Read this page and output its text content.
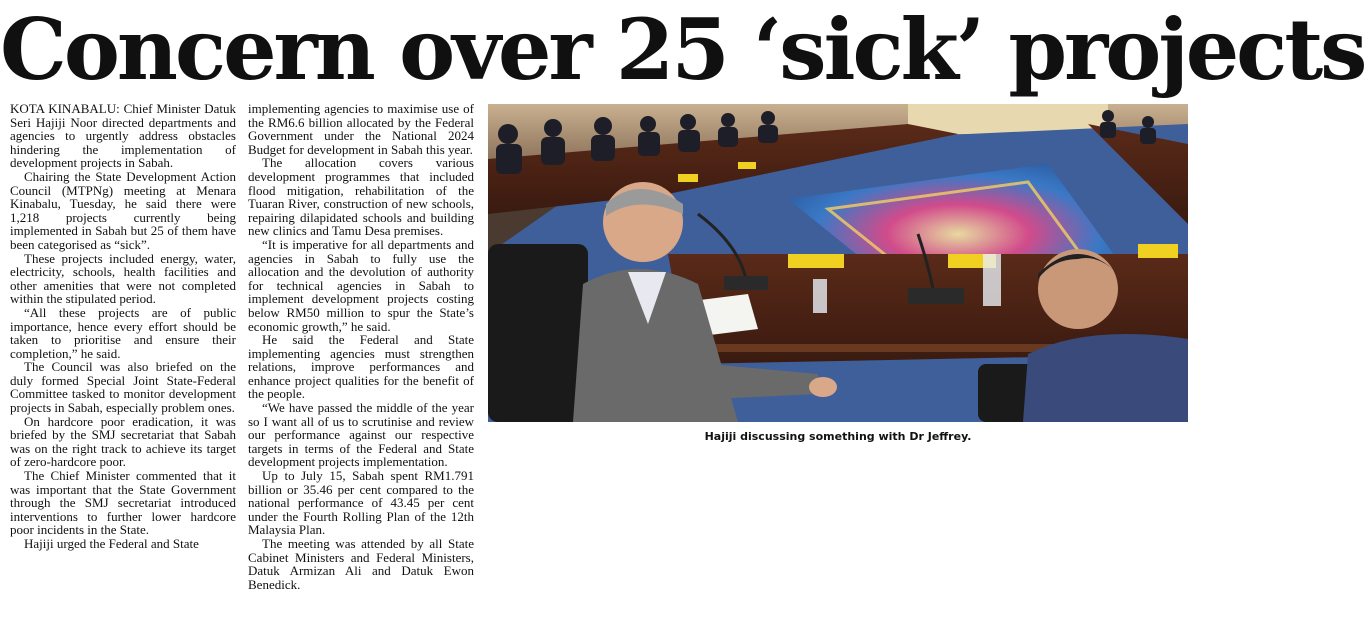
Concern over 25 ‘sick’ projects

KOTA KINABALU: Chief Minister Datuk Seri Hajiji Noor directed departments and agencies to urgently address obstacles hindering the implementation of development projects in Sabah.

Chairing the State Development Action Council (MTPNg) meeting at Menara Kinabalu, Tuesday, he said there were 1,218 projects currently being implemented in Sabah but 25 of them have been categorised as “sick”.

These projects included energy, water, electricity, schools, health facilities and other amenities that were not completed within the stipulated period.

“All these projects are of public importance, hence every effort should be taken to prioritise and ensure their completion,” he said.

The Council was also briefed on the duly formed Special Joint State-Federal Committee tasked to monitor development projects in Sabah, especially problem ones.

On hardcore poor eradication, it was briefed by the SMJ secretariat that Sabah was on the right track to achieve its target of zero-hardcore poor.

The Chief Minister commented that it was important that the State Government through the SMJ secretariat introduced interventions to further lower hardcore poor incidents in the State.

Hajiji urged the Federal and State

implementing agencies to maximise use of the RM6.6 billion allocated by the Federal Government under the National 2024 Budget for development in Sabah this year.

The allocation covers various development programmes that included flood mitigation, rehabilitation of the Tuaran River, construction of new schools, repairing dilapidated schools and building new clinics and Tamu Desa premises.

“It is imperative for all departments and agencies in Sabah to fully use the allocation and the devolution of authority for technical agencies in Sabah to implement development projects costing below RM50 million to spur the State’s economic growth,” he said.

He said the Federal and State implementing agencies must strengthen relations, improve performances and enhance project qualities for the benefit of the people.

“We have passed the middle of the year so I want all of us to scrutinise and review our performance against our respective targets in terms of the Federal and State development projects implementation.

Up to July 15, Sabah spent RM1.791 billion or 35.46 per cent compared to the national performance of 43.45 per cent under the Fourth Rolling Plan of the 12th Malaysia Plan.

The meeting was attended by all State Cabinet Ministers and Federal Ministers, Datuk Armizan Ali and Datuk Ewon Benedick.

Hajiji discussing something with Dr Jeffrey.
